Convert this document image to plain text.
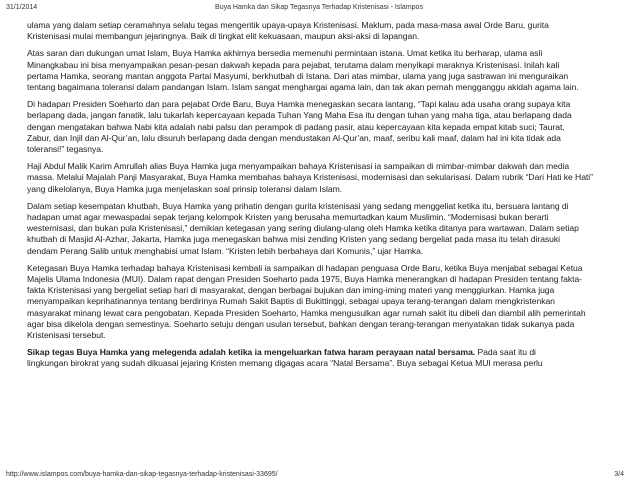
31/1/2014	Buya Hamka dan Sikap Tegasnya Terhadap Kristenisasi - Islampos

ulama yang dalam setiap ceramahnya selalu tegas mengeritik upaya-upaya Kristenisasi. Maklum, pada masa-masa awal Orde Baru, gurita
Kristenisasi mulai membangun jejaringnya. Baik di tingkat elit kekuasaan, maupun aksi-aksi di lapangan.

Atas saran dan dukungan umat Islam, Buya Hamka akhirnya bersedia memenuhi permintaan istana. Umat ketika itu berharap, ulama asli
Minangkabau ini bisa menyampaikan pesan-pesan dakwah kepada para pejabat, terutama dalam menyikapi maraknya Kristenisasi. Inilah kali
pertama Hamka, seorang mantan anggota Partai Masyumi, berkhutbah di Istana. Dari atas mimbar, ulama yang juga sastrawan ini menguraikan
tentang bagaimana toleransi dalam pandangan Islam. Islam sangat menghargai agama lain, dan tak akan pernah mengganggu akidah agama lain.

Di hadapan Presiden Soeharto dan para pejabat Orde Baru, Buya Hamka menegaskan secara lantang, “Tapi kalau ada usaha orang supaya kita
berlapang dada, jangan fanatik, lalu tukarlah kepercayaan kepada Tuhan Yang Maha Esa itu dengan tuhan yang maha tiga, atau berlapang dada
dengan mengatakan bahwa Nabi kita adalah nabi palsu dan perampok di padang pasir, atau kepercayaan kita kepada empat kitab suci; Taurat,
Zabur, dan Injil dan Al-Qur’an, lalu disuruh berlapang dada dengan mendustakan Al-Qur’an, maaf, seribu kali maaf, dalam hal ini kita tidak ada
toleransi!” tegasnya.

Haji Abdul Malik Karim Amrullah alias Buya Hamka juga menyampaikan bahaya Kristenisasi ia sampaikan di mimbar-mimbar dakwah dan media
massa. Melalui Majalah Panji Masyarakat, Buya Hamka membahas bahaya Kristenisasi, modernisasi dan sekularisasi. Dalam rubrik “Dari Hati ke Hati”
yang dikelolanya, Buya Hamka juga menjelaskan soal prinsip toleransi dalam Islam.

Dalam setiap kesempatan khutbah, Buya Hamka yang prihatin dengan gurita kristenisasi yang sedang menggeliat ketika itu, bersuara lantang di
hadapan umat agar mewaspadai sepak terjang kelompok Kristen yang berusaha memurtadkan kaum Muslimin. “Modernisasi bukan berarti
westernisasi, dan bukan pula Kristenisasi,” demikian ketegasan yang sering diulang-ulang oleh Hamka ketika ditanya para wartawan. Dalam setiap
khutbah di Masjid Al-Azhar, Jakarta, Hamka juga menegaskan bahwa misi zending Kristen yang sedang bergeliat pada masa itu telah dirasuki
dendam Perang Salib untuk menghabisi umat Islam. “Kristen lebih berbahaya dari Komunis,” ujar Hamka.

Ketegasan Buya Hamka terhadap bahaya Kristenisasi kembali ia sampaikan di hadapan penguasa Orde Baru, ketika Buya menjabat sebagai Ketua
Majelis Ulama Indonesia (MUI). Dalam rapat dengan Presiden Soeharto pada 1975, Buya Hamka menerangkan di hadapan Presiden tentang fakta-
fakta Kristenisasi yang bergeliat setiap hari di masyarakat, dengan berbagai bujukan dan iming-iming materi yang menggiurkan. Hamka juga
menyampaikan keprihatinannya tentang berdirinya Rumah Sakit Baptis di Bukittinggi, sebagai upaya terang-terangan dalam mengkristenkan
masyarakat minang lewat cara pengobatan. Kepada Presiden Soeharto, Hamka mengusulkan agar rumah sakit itu dibeli dan diambil alih pemerintah
agar bisa dikelola dengan semestinya. Soeharto setuju dengan usulan tersebut, bahkan dengan terang-terangan menyatakan tidak sukanya pada
Kristenisasi tersebut.

Sikap tegas Buya Hamka yang melegenda adalah ketika ia mengeluarkan fatwa haram perayaan natal bersama. Pada saat itu di
lingkungan birokrat yang sudah dikuasai jejaring Kristen memang digagas acara “Natal Bersama”. Buya sebagai Ketua MUI merasa perlu

http://www.islampos.com/buya-hamka-dan-sikap-tegasnya-terhadap-kristenisasi-33695/	3/4
